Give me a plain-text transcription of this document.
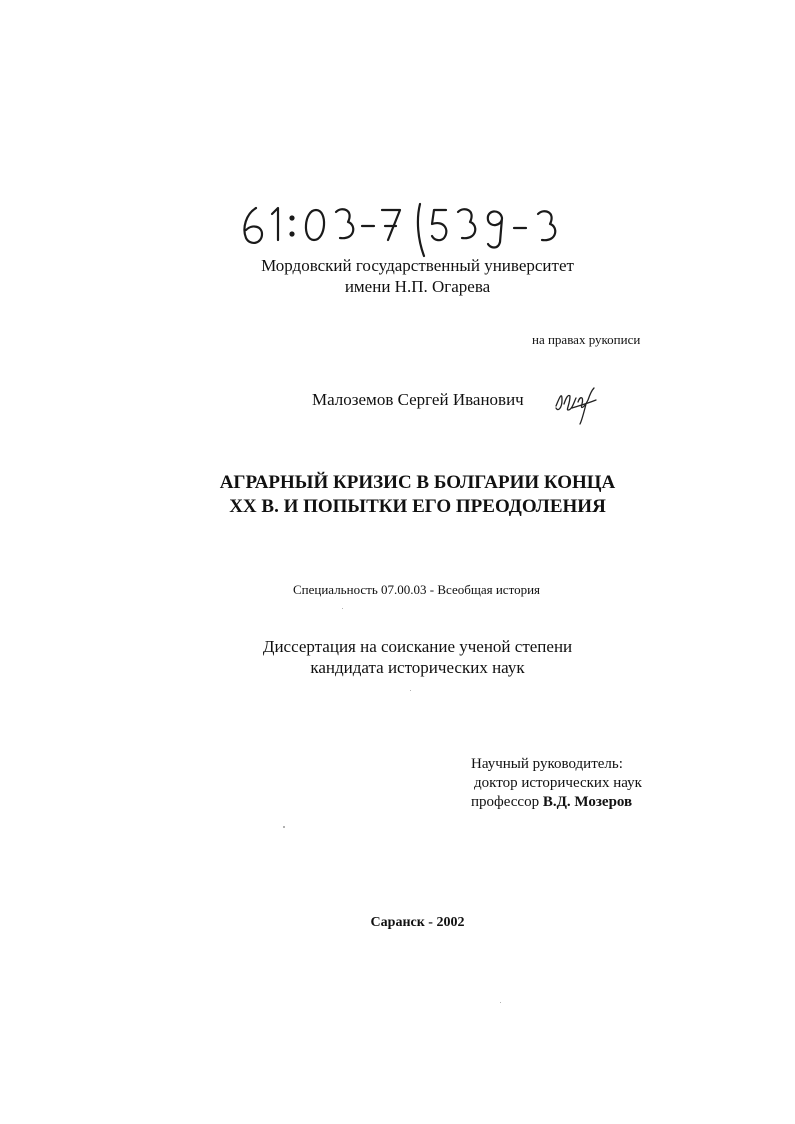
Мордовский государственный университет
имени Н.П. Огарева
на правах рукописи
Малоземов Сергей Иванович
АГРАРНЫЙ КРИЗИС В БОЛГАРИИ КОНЦА
ХХ В. И ПОПЫТКИ ЕГО ПРЕОДОЛЕНИЯ
Специальность 07.00.03 - Всеобщая история
Диссертация на соискание ученой степени
кандидата исторических наук
Научный руководитель:
доктор исторических наук
профессор В.Д. Мозеров
Саранск - 2002
